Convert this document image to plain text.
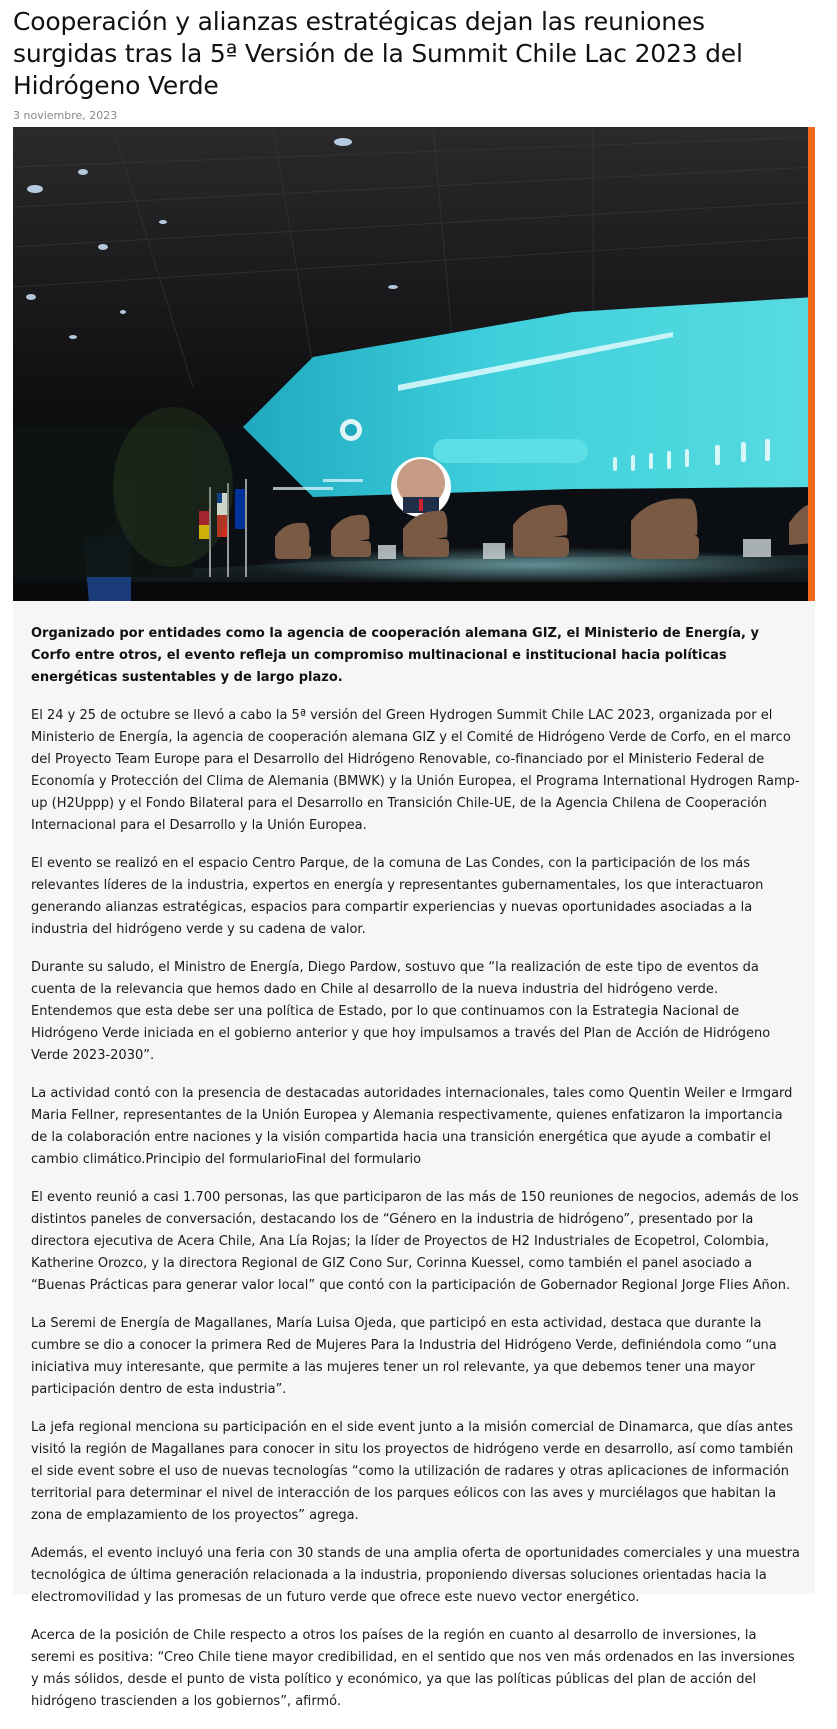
Cooperación y alianzas estratégicas dejan las reuniones surgidas tras la 5ª Versión de la Summit Chile Lac 2023 del Hidrógeno Verde
3 noviembre, 2023

Organizado por entidades como la agencia de cooperación alemana GIZ, el Ministerio de Energía, y Corfo entre otros, el evento refleja un compromiso multinacional e institucional hacia políticas energéticas sustentables y de largo plazo.

El 24 y 25 de octubre se llevó a cabo la 5ª versión del Green Hydrogen Summit Chile LAC 2023, organizada por el Ministerio de Energía, la agencia de cooperación alemana GIZ y el Comité de Hidrógeno Verde de Corfo, en el marco del Proyecto Team Europe para el Desarrollo del Hidrógeno Renovable, co-financiado por el Ministerio Federal de Economía y Protección del Clima de Alemania (BMWK) y la Unión Europea, el Programa International Hydrogen Ramp-up (H2Uppp) y el Fondo Bilateral para el Desarrollo en Transición Chile-UE, de la Agencia Chilena de Cooperación Internacional para el Desarrollo y la Unión Europea.

El evento se realizó en el espacio Centro Parque, de la comuna de Las Condes, con la participación de los más relevantes líderes de la industria, expertos en energía y representantes gubernamentales, los que interactuaron generando alianzas estratégicas, espacios para compartir experiencias y nuevas oportunidades asociadas a la industria del hidrógeno verde y su cadena de valor.

Durante su saludo, el Ministro de Energía, Diego Pardow, sostuvo que “la realización de este tipo de eventos da cuenta de la relevancia que hemos dado en Chile al desarrollo de la nueva industria del hidrógeno verde. Entendemos que esta debe ser una política de Estado, por lo que continuamos con la Estrategia Nacional de Hidrógeno Verde iniciada en el gobierno anterior y que hoy impulsamos a través del Plan de Acción de Hidrógeno Verde 2023-2030”.

La actividad contó con la presencia de destacadas autoridades internacionales, tales como Quentin Weiler e Irmgard Maria Fellner, representantes de la Unión Europea y Alemania respectivamente, quienes enfatizaron la importancia de la colaboración entre naciones y la visión compartida hacia una transición energética que ayude a combatir el cambio climático.Principio del formularioFinal del formulario

El evento reunió a casi 1.700 personas, las que participaron de las más de 150 reuniones de negocios, además de los distintos paneles de conversación, destacando los de “Género en la industria de hidrógeno”, presentado por la directora ejecutiva de Acera Chile, Ana Lía Rojas; la líder de Proyectos de H2 Industriales de Ecopetrol, Colombia, Katherine Orozco, y la directora Regional de GIZ Cono Sur, Corinna Kuessel, como también el panel asociado a “Buenas Prácticas para generar valor local” que contó con la participación de Gobernador Regional Jorge Flies Añon.

La Seremi de Energía de Magallanes, María Luisa Ojeda, que participó en esta actividad, destaca que durante la cumbre se dio a conocer la primera Red de Mujeres Para la Industria del Hidrógeno Verde, definiéndola como “una iniciativa muy interesante, que permite a las mujeres tener un rol relevante, ya que debemos tener una mayor participación dentro de esta industria”.

La jefa regional menciona su participación en el side event junto a la misión comercial de Dinamarca, que días antes visitó la región de Magallanes para conocer in situ los proyectos de hidrógeno verde en desarrollo, así como también el side event sobre el uso de nuevas tecnologías “como la utilización de radares y otras aplicaciones de información territorial para determinar el nivel de interacción de los parques eólicos con las aves y murciélagos que habitan la zona de emplazamiento de los proyectos” agrega.

Además, el evento incluyó una feria con 30 stands de una amplia oferta de oportunidades comerciales y una muestra tecnológica de última generación relacionada a la industria, proponiendo diversas soluciones orientadas hacia la electromovilidad y las promesas de un futuro verde que ofrece este nuevo vector energético.

Acerca de la posición de Chile respecto a otros los países de la región en cuanto al desarrollo de inversiones, la seremi es positiva: “Creo Chile tiene mayor credibilidad, en el sentido que nos ven más ordenados en las inversiones y más sólidos, desde el punto de vista político y económico, ya que las políticas públicas del plan de acción del hidrógeno trascienden a los gobiernos”, afirmó.
